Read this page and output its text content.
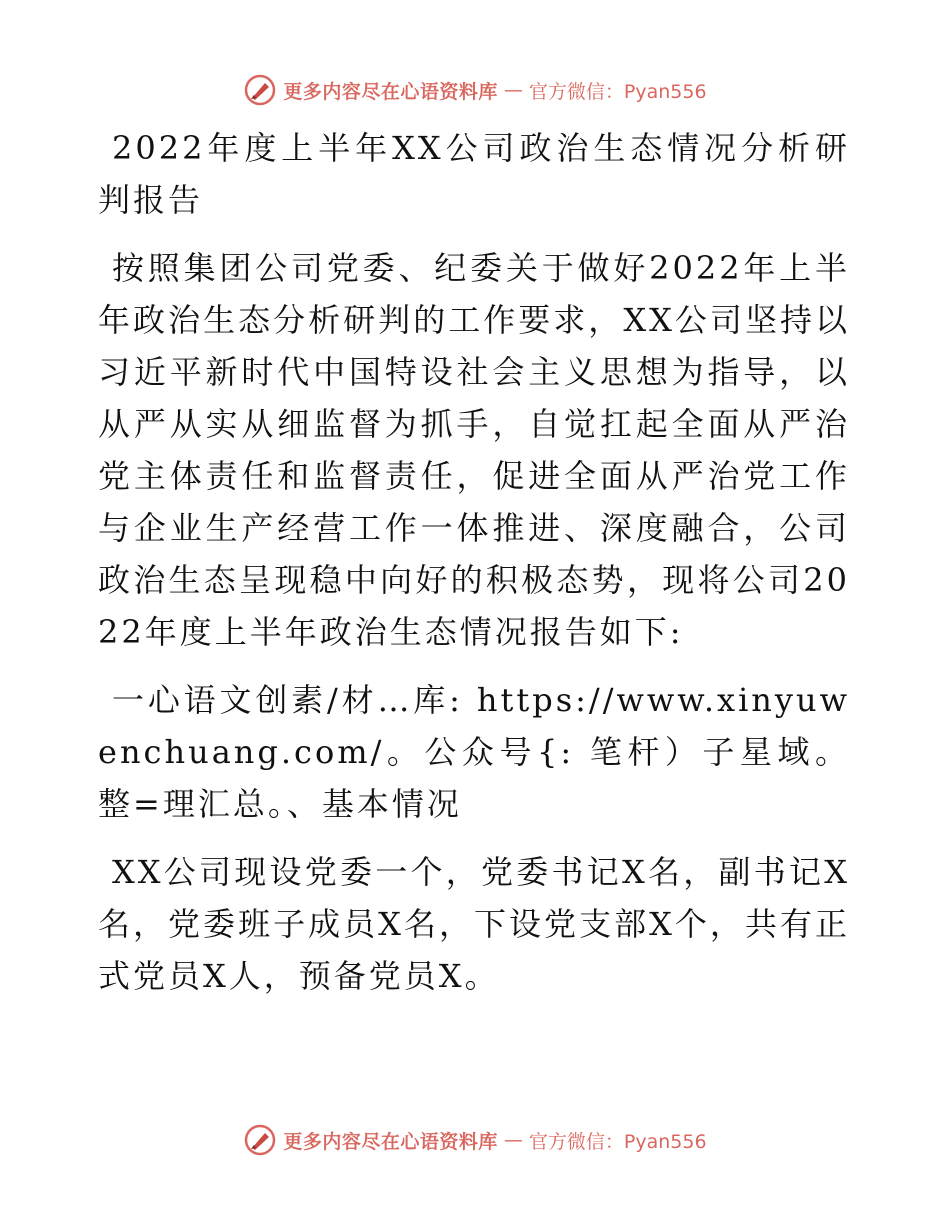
更多内容尽在心语资料库 — 官方微信：Pyan556

2022年度上半年XX公司政治生态情况分析研判报告

按照集团公司党委、纪委关于做好2022年上半年政治生态分析研判的工作要求，XX公司坚持以习近平新时代中国特设社会主义思想为指导，以从严从实从细监督为抓手，自觉扛起全面从严治党主体责任和监督责任，促进全面从严治党工作与企业生产经营工作一体推进、深度融合，公司政治生态呈现稳中向好的积极态势，现将公司2022年度上半年政治生态情况报告如下:

一心语文创素/材…库: https://www.xinyuwenchuang.com/。公众号{: 笔杆）子星域。整=理汇总。、基本情况

XX公司现设党委一个，党委书记X名，副书记X名，党委班子成员X名，下设党支部X个，共有正式党员X人，预备党员X。

更多内容尽在心语资料库 — 官方微信：Pyan556
